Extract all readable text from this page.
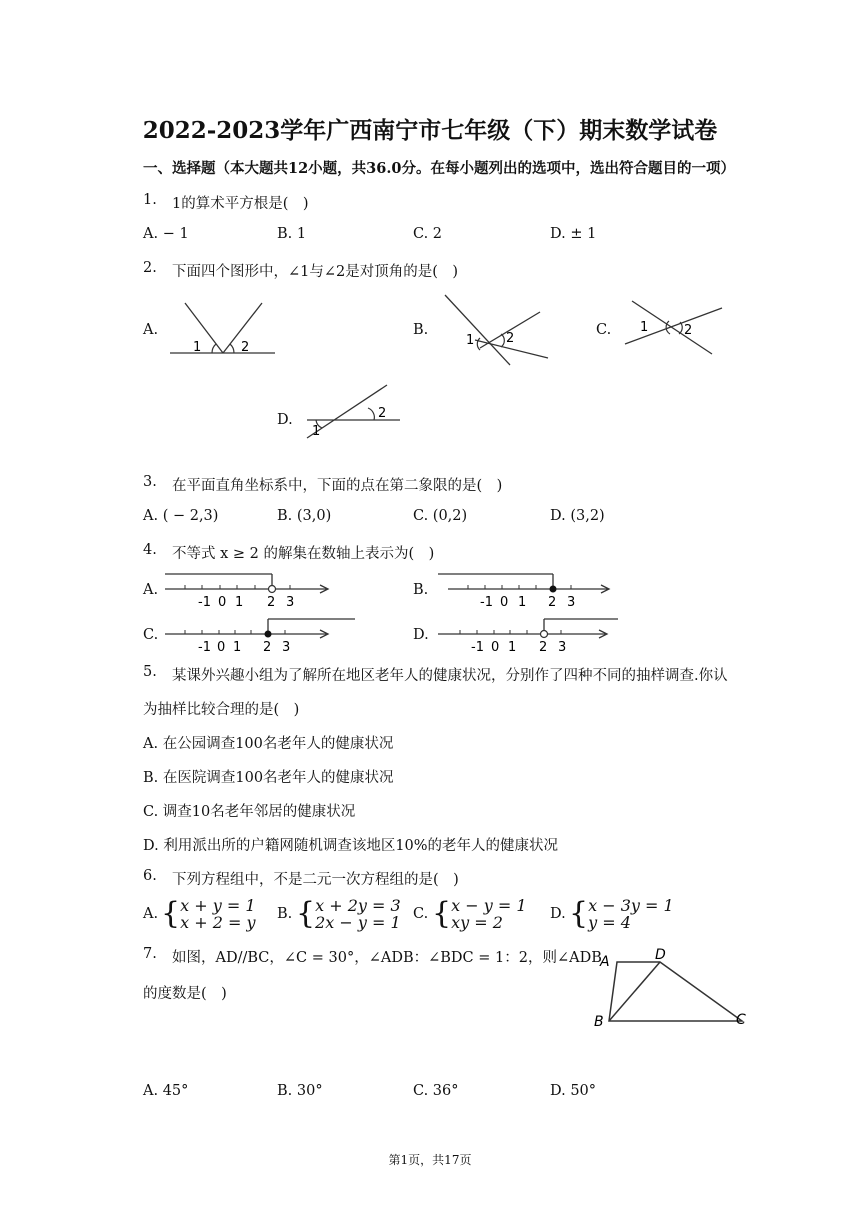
2022-2023学年广西南宁市七年级（下）期末数学试卷
一、选择题（本大题共12小题，共36.0分。在每小题列出的选项中，选出符合题目的一项）
1. 1的算术平方根是( )
A. − 1	B. 1	C. 2	D. ± 1
2. 下面四个图形中，∠1与∠2是对顶角的是( )
A.	B.	C.
D.
1	2	1 2
1	2
1
2
3. 在平面直角坐标系中，下面的点在第二象限的是( )
A. ( − 2,3)	B. (3,0)	C. (0,2)	D. (3,2)
4. 不等式 x ≥ 2 的解集在数轴上表示为( )
A.	B.
C.	D.
-1 0 1 2 3	-1 0 1 2 3
-1 0 1 2 3	-1 0 1 2 3
5. 某课外兴趣小组为了解所在地区老年人的健康状况，分别作了四种不同的抽样调查.你认
为抽样比较合理的是( )
A. 在公园调查100名老年人的健康状况
B. 在医院调查100名老年人的健康状况
C. 调查10名老年邻居的健康状况
D. 利用派出所的户籍网随机调查该地区10%的老年人的健康状况
6. 下列方程组中，不是二元一次方程组的是( )
A. {x + y = 1
x + 2 = y B. {x + 2y = 3
2x − y = 1 C. {x − y = 1
xy = 2	D. {x − 3y = 1
y = 4
7. 如图，AD//BC，∠C = 30°，∠ADB：∠BDC = 1：2，则∠ADB
的度数是( )
A	D
B	C
A. 45°	B. 30°	C. 36°	D. 50°
第1页，共17页
